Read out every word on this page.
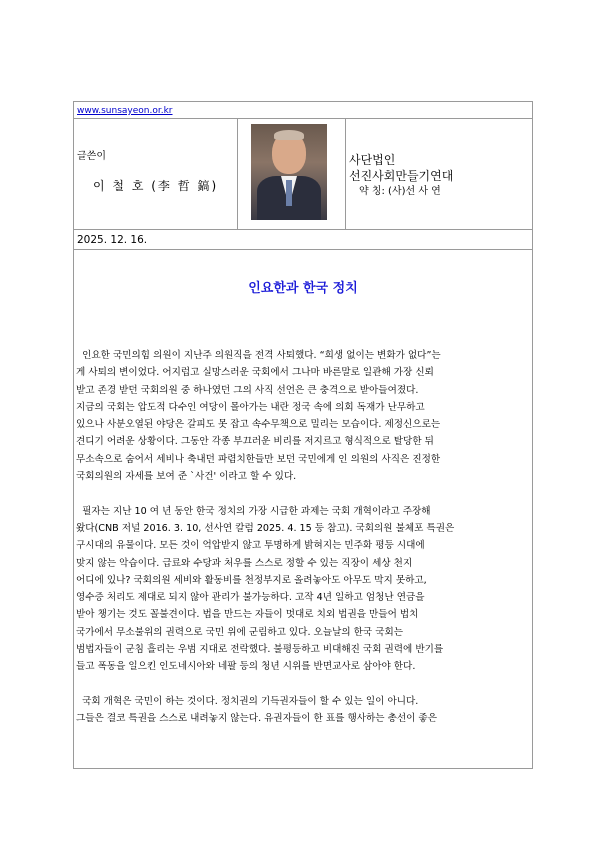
www.sunsayeon.or.kr
글쓴이
이 철 호 (李 哲 鎬)
사단법인
선진사회만들기연대
약 칭: (사)선 사 연
2025. 12. 16.
인요한과 한국 정치
인요한 국민의힘 의원이 지난주 의원직을 전격 사퇴했다. “희생 없이는 변화가 없다”는
게 사퇴의 변이었다. 어지럽고 실망스러운 국회에서 그나마 바른말로 일관해 가장 신뢰
받고 존경 받던 국회의원 중 하나였던 그의 사직 선언은 큰 충격으로 받아들여졌다.
지금의 국회는 압도적 다수인 여당이 몰아가는 내란 정국 속에 의회 독재가 난무하고
있으나 사분오열된 야당은 갈피도 못 잡고 속수무책으로 밀리는 모습이다. 제정신으로는
견디기 어려운 상황이다. 그동안 각종 부끄러운 비리를 저지르고 형식적으로 탈당한 뒤
무소속으로 숨어서 세비나 축내던 파렴치한들만 보던 국민에게 인 의원의 사직은 진정한
국회의원의 자세를 보여 준 `사건' 이라고 할 수 있다.
필자는 지난 10 여 년 동안 한국 정치의 가장 시급한 과제는 국회 개혁이라고 주장해
왔다(CNB 저널 2016. 3. 10, 선사연 칼럼 2025. 4. 15 등 참고). 국회의원 불체포 특권은
구시대의 유물이다. 모든 것이 억압받지 않고 투명하게 밝혀지는 민주화 평등 시대에
맞지 않는 악습이다. 급료와 수당과 처우를 스스로 정할 수 있는 직장이 세상 천지
어디에 있나? 국회의원 세비와 활동비를 천정부지로 올려놓아도 아무도 막지 못하고,
영수증 처리도 제대로 되지 않아 관리가 불가능하다. 고작 4년 일하고 엄청난 연금을
받아 챙기는 것도 꼴불견이다. 법을 만드는 자들이 멋대로 치외 법권을 만들어 법치
국가에서 무소불위의 권력으로 국민 위에 군림하고 있다. 오늘날의 한국 국회는
범법자들이 군침 흘리는 우범 지대로 전락했다. 불평등하고 비대해진 국회 권력에 반기를
들고 폭동을 일으킨 인도네시아와 네팔 등의 청년 시위를 반면교사로 삼아야 한다.
국회 개혁은 국민이 하는 것이다. 정치권의 기득권자들이 할 수 있는 일이 아니다.
그들은 결코 특권을 스스로 내려놓지 않는다. 유권자들이 한 표를 행사하는 총선이 좋은
